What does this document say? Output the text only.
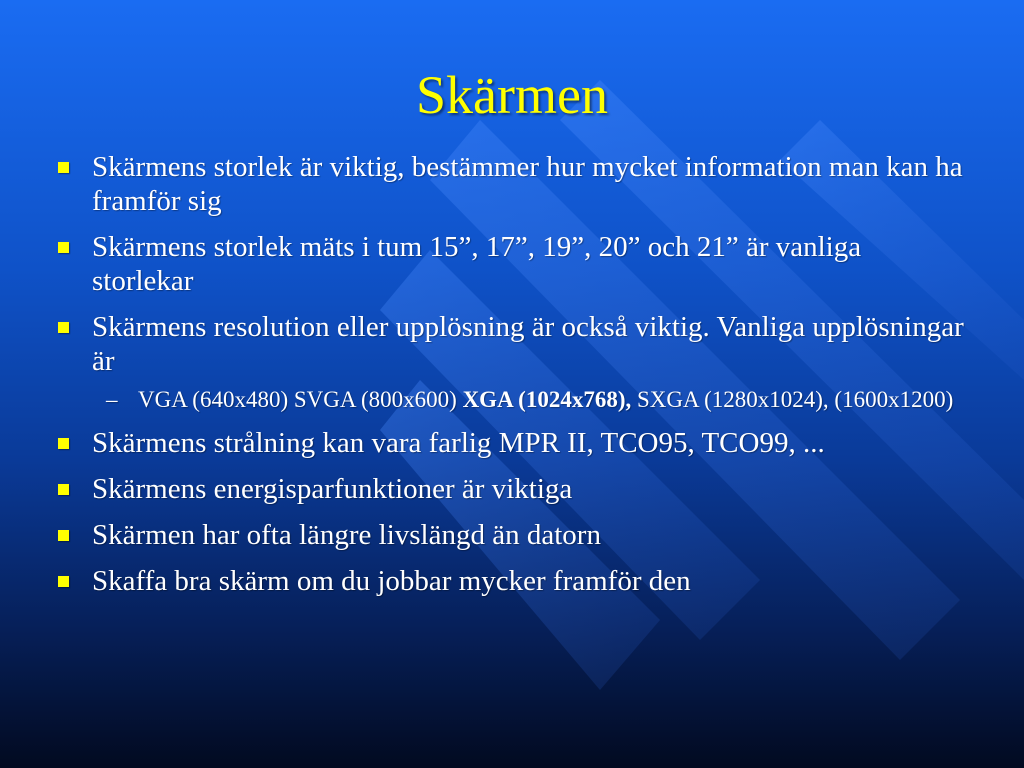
Skärmen
Skärmens storlek är viktig, bestämmer hur mycket information man kan ha framför sig
Skärmens storlek mäts i tum 15”, 17”, 19”, 20” och 21” är vanliga storlekar
Skärmens resolution eller upplösning är också viktig. Vanliga upplösningar är
– VGA (640x480) SVGA (800x600) XGA (1024x768), SXGA (1280x1024), (1600x1200)
Skärmens strålning kan vara farlig MPR II, TCO95, TCO99, ...
Skärmens energisparfunktioner är viktiga
Skärmen har ofta längre livslängd än datorn
Skaffa bra skärm om du jobbar mycker framför den
